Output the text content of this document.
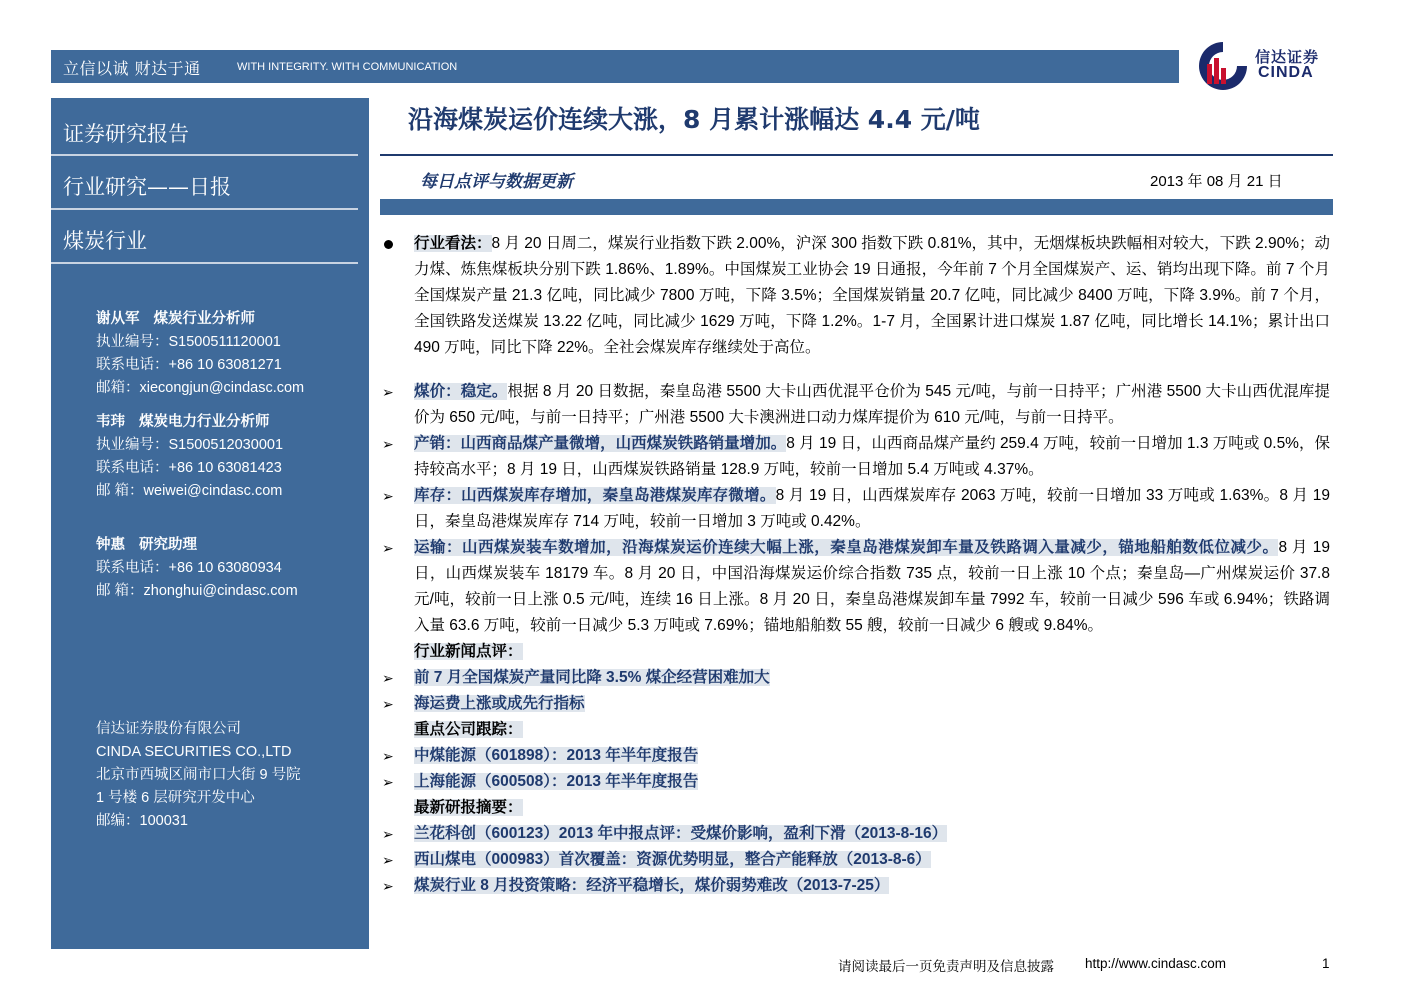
立信以诚 财达于通	WITH INTEGRITY. WITH COMMUNICATION
信达证券
CINDA
证券研究报告
行业研究——日报
煤炭行业
谢从军 煤炭行业分析师
执业编号：S1500511120001
联系电话：+86 10 63081271
邮箱：xiecongjun@cindasc.com
韦玮 煤炭电力行业分析师
执业编号：S1500512030001
联系电话：+86 10 63081423
邮 箱：weiwei@cindasc.com
钟惠 研究助理
联系电话：+86 10 63080934
邮 箱：zhonghui@cindasc.com
信达证券股份有限公司
CINDA SECURITIES CO.,LTD
北京市西城区闹市口大街 9 号院
1 号楼 6 层研究开发中心
邮编：100031
沿海煤炭运价连续大涨，8 月累计涨幅达 4.4 元/吨
每日点评与数据更新	2013 年 08 月 21 日
行业看法：8 月 20 日周二，煤炭行业指数下跌 2.00%，沪深 300 指数下跌 0.81%，其中，无烟煤板块跌幅相对较大，下跌 2.90%；动力煤、炼焦煤板块分别下跌 1.86%、1.89%。中国煤炭工业协会 19 日通报，今年前 7 个月全国煤炭产、运、销均出现下降。前 7 个月全国煤炭产量 21.3 亿吨，同比减少 7800 万吨，下降 3.5%；全国煤炭销量 20.7 亿吨，同比减少 8400 万吨，下降 3.9%。前 7 个月，全国铁路发送煤炭 13.22 亿吨，同比减少 1629 万吨，下降 1.2%。1-7 月，全国累计进口煤炭 1.87 亿吨，同比增长 14.1%；累计出口 490 万吨，同比下降 22%。全社会煤炭库存继续处于高位。
➢	煤价：稳定。根据 8 月 20 日数据，秦皇岛港 5500 大卡山西优混平仓价为 545 元/吨，与前一日持平；广州港 5500 大卡山西优混库提价为 650 元/吨，与前一日持平；广州港 5500 大卡澳洲进口动力煤库提价为 610 元/吨，与前一日持平。
➢	产销：山西商品煤产量微增，山西煤炭铁路销量增加。8 月 19 日，山西商品煤产量约 259.4 万吨，较前一日增加 1.3 万吨或 0.5%，保持较高水平；8 月 19 日，山西煤炭铁路销量 128.9 万吨，较前一日增加 5.4 万吨或 4.37%。
➢	库存：山西煤炭库存增加，秦皇岛港煤炭库存微增。8 月 19 日，山西煤炭库存 2063 万吨，较前一日增加 33 万吨或 1.63%。8 月 19 日，秦皇岛港煤炭库存 714 万吨，较前一日增加 3 万吨或 0.42%。
➢	运输：山西煤炭装车数增加，沿海煤炭运价连续大幅上涨，秦皇岛港煤炭卸车量及铁路调入量减少，锚地船舶数低位减少。8 月 19 日，山西煤炭装车 18179 车。8 月 20 日，中国沿海煤炭运价综合指数 735 点，较前一日上涨 10 个点；秦皇岛—广州煤炭运价 37.8 元/吨，较前一日上涨 0.5 元/吨，连续 16 日上涨。8 月 20 日，秦皇岛港煤炭卸车量 7992 车，较前一日减少 596 车或 6.94%；铁路调入量 63.6 万吨，较前一日减少 5.3 万吨或 7.69%；锚地船舶数 55 艘，较前一日减少 6 艘或 9.84%。
行业新闻点评：
➢	前 7 月全国煤炭产量同比降 3.5% 煤企经营困难加大
➢	海运费上涨或成先行指标
重点公司跟踪：
➢	中煤能源（601898）：2013 年半年度报告
➢	上海能源（600508）：2013 年半年度报告
最新研报摘要：
➢	兰花科创（600123）2013 年中报点评：受煤价影响，盈利下滑（2013-8-16）
➢	西山煤电（000983）首次覆盖：资源优势明显，整合产能释放（2013-8-6）
➢	煤炭行业 8 月投资策略：经济平稳增长，煤价弱势难改（2013-7-25）
请阅读最后一页免责声明及信息披露 http://www.cindasc.com	1
